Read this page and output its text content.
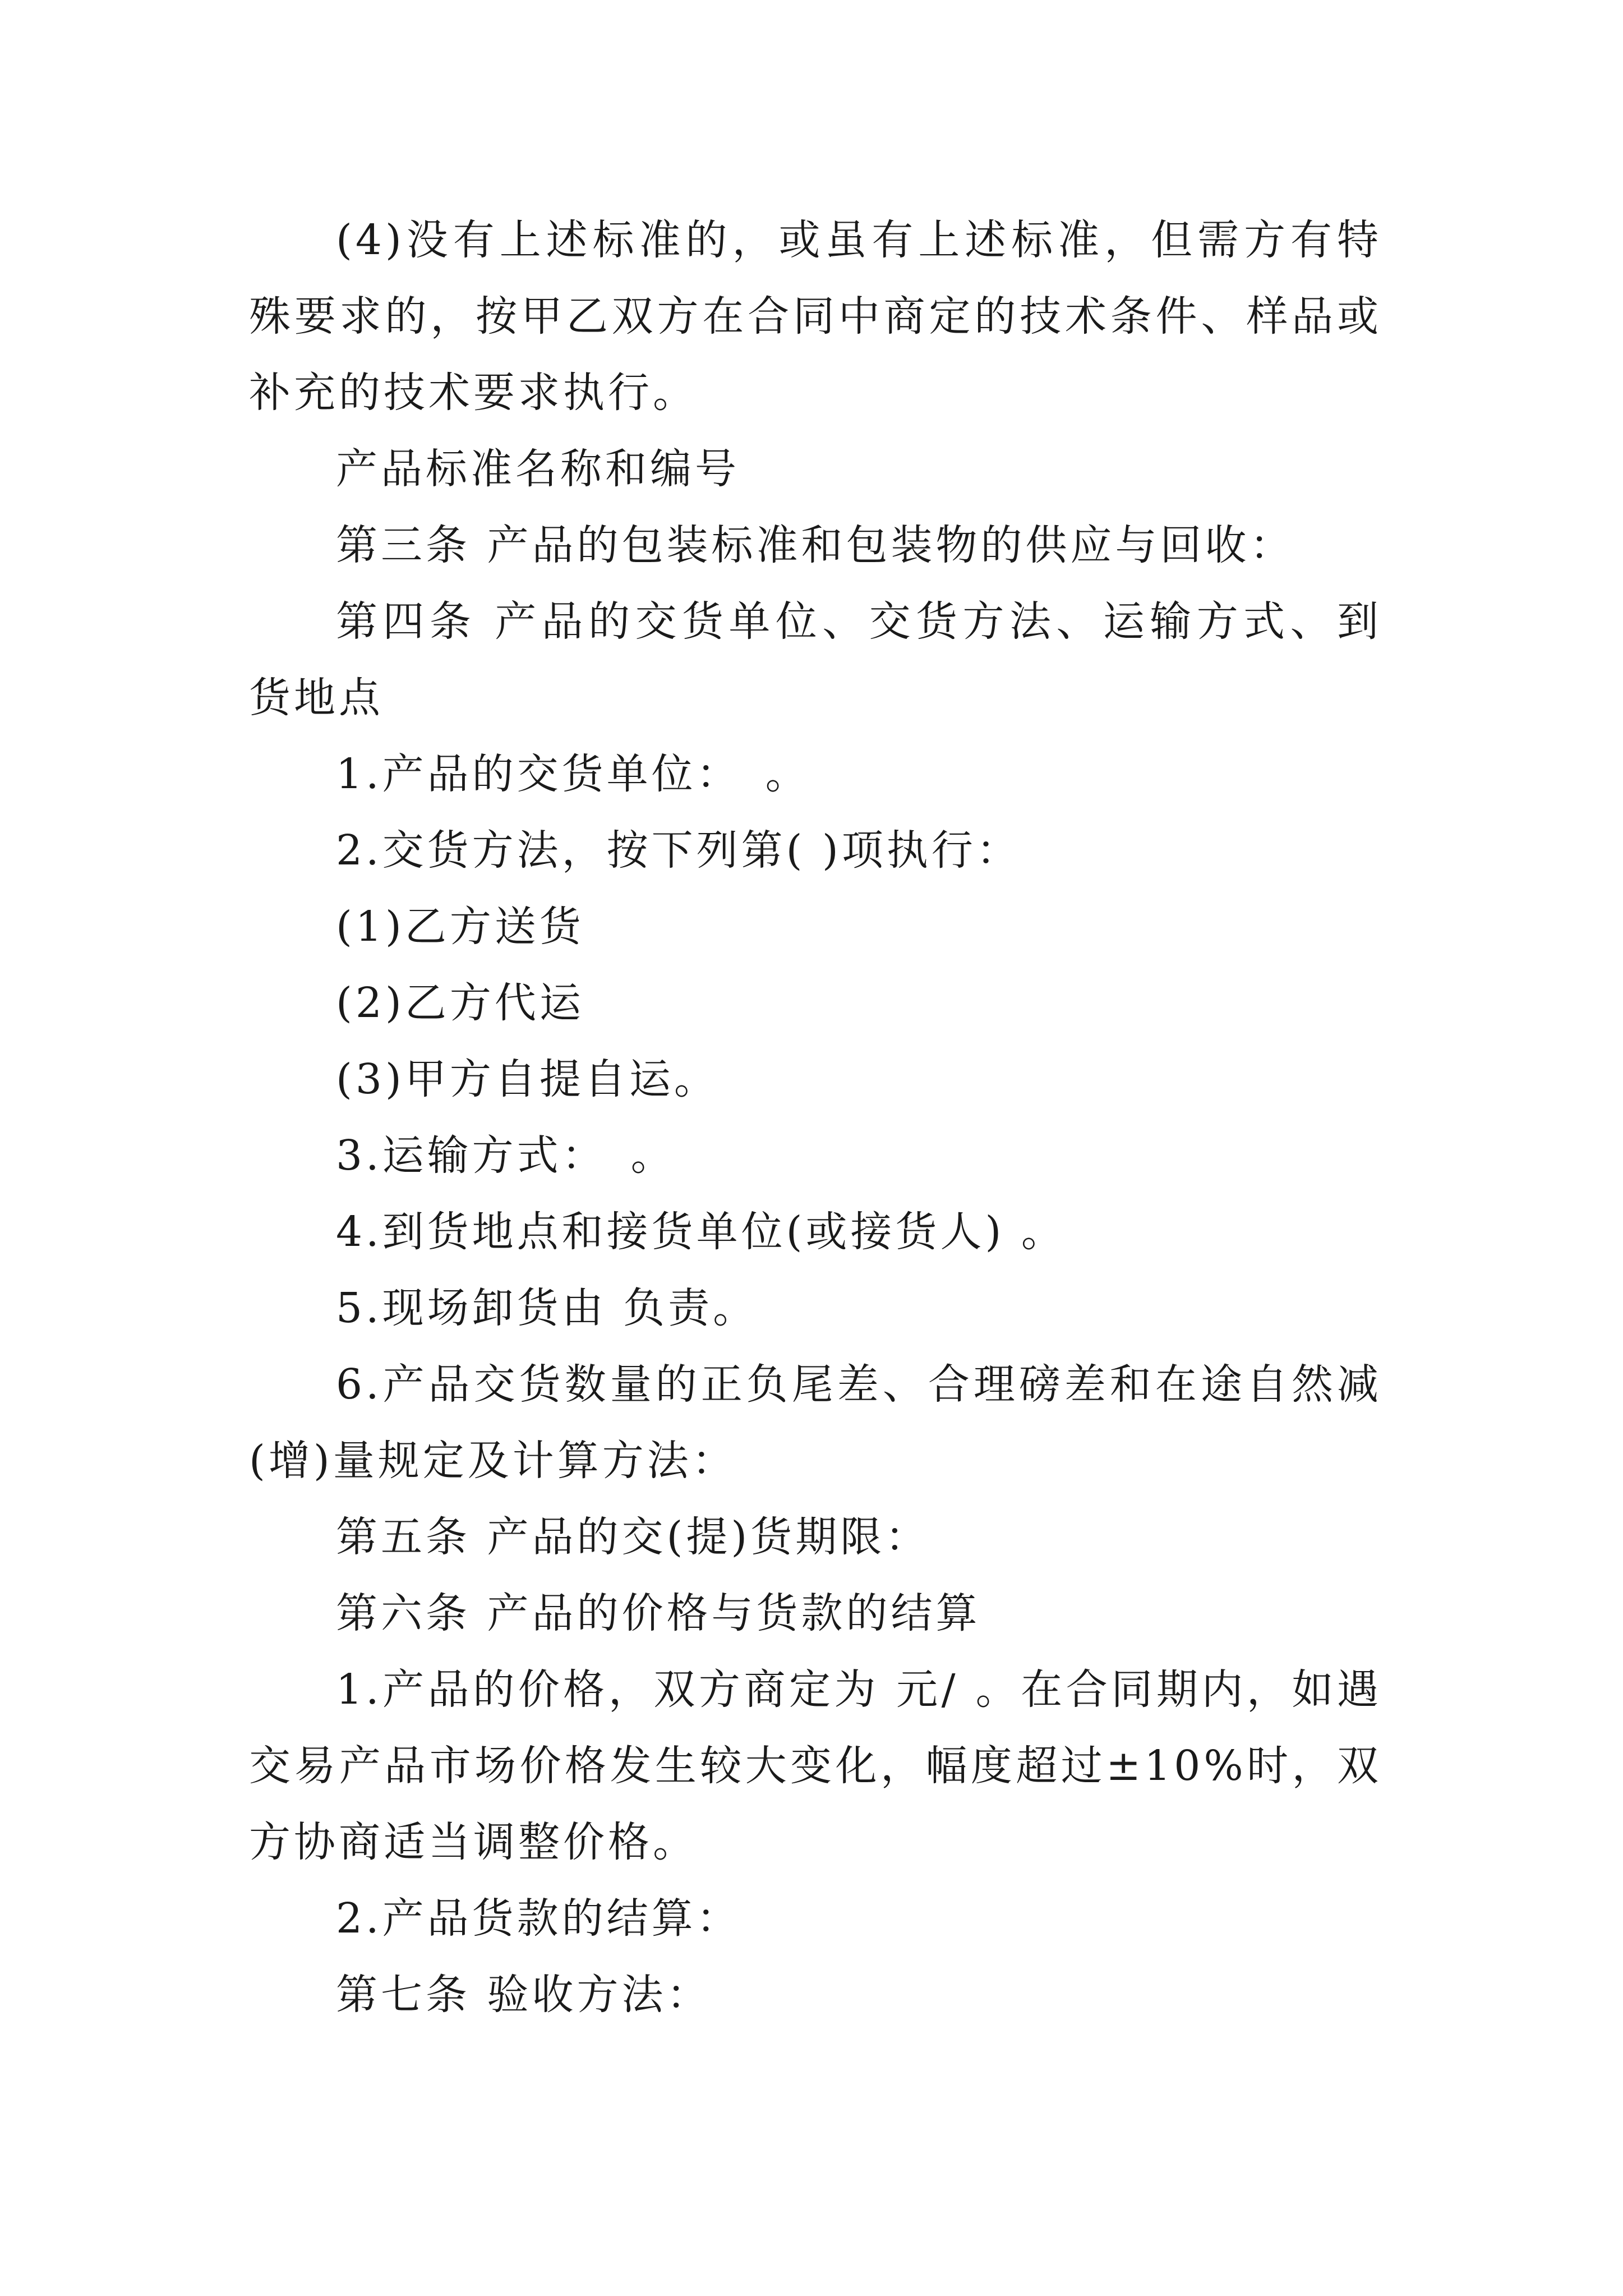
(4)没有上述标准的，或虽有上述标准，但需方有特殊要求的，按甲乙双方在合同中商定的技术条件、样品或补充的技术要求执行。

产品标准名称和编号

第三条 产品的包装标准和包装物的供应与回收：

第四条 产品的交货单位、交货方法、运输方式、到货地点

1.产品的交货单位：　。

2.交货方法，按下列第( )项执行：

(1)乙方送货

(2)乙方代运

(3)甲方自提自运。

3.运输方式：　。

4.到货地点和接货单位(或接货人) 。

5.现场卸货由 负责。

6.产品交货数量的正负尾差、合理磅差和在途自然减(增)量规定及计算方法：

第五条 产品的交(提)货期限：

第六条 产品的价格与货款的结算

1.产品的价格，双方商定为 元/ 。在合同期内，如遇交易产品市场价格发生较大变化，幅度超过±10%时，双方协商适当调整价格。

2.产品货款的结算：

第七条 验收方法：
